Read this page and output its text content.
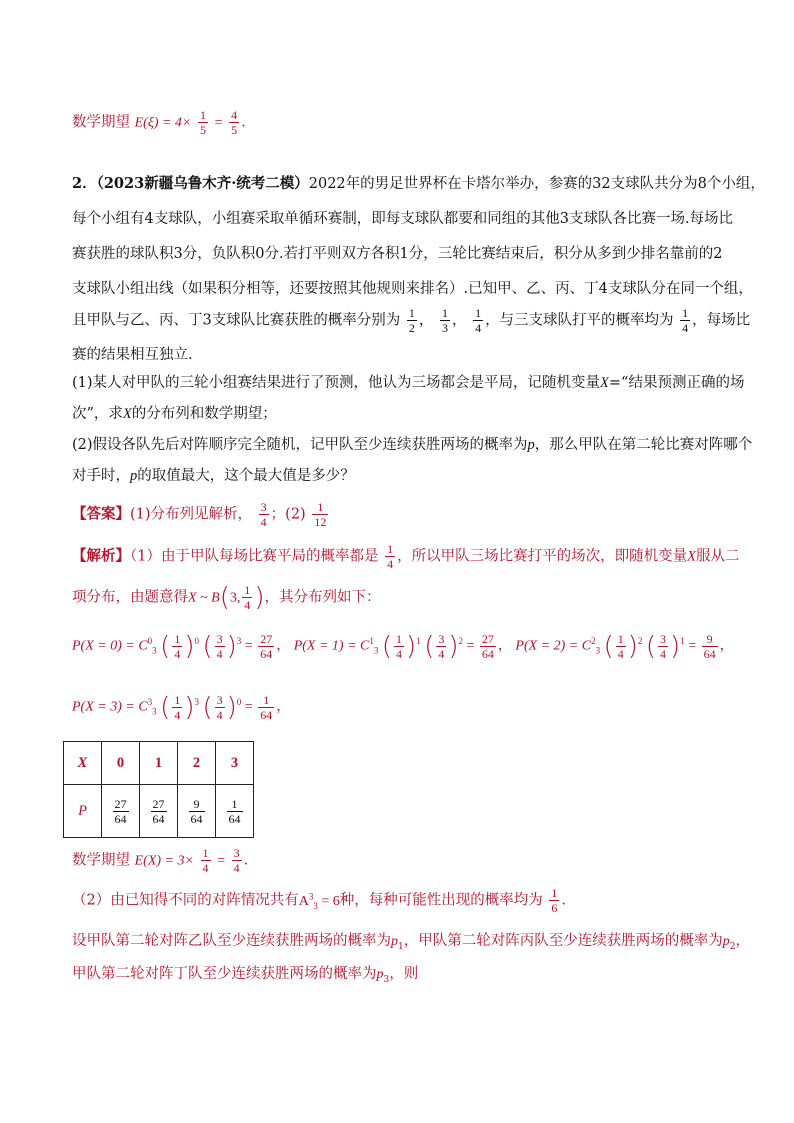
数学期望 $E(\xi) = 4\times \frac{1}{5} = \frac{4}{5}$ .
2．（2023新疆乌鲁木齐·统考二模）2022年的男足世界杯在卡塔尔举办，参赛的32支球队共分为8个小组，
每个小组有4支球队，小组赛采取单循环赛制，即每支球队都要和同组的其他3支球队各比赛一场.每场比
赛获胜的球队积3分，负队积0分.若打平则双方各积1分，三轮比赛结束后，积分从多到少排名靠前的2
支球队小组出线（如果积分相等，还要按照其他规则来排名）.已知甲、乙、丙、丁4支球队分在同一个组，
且甲队与乙、丙、丁3支球队比赛获胜的概率分别为 $\frac{1}{2}$ ， $\frac{1}{3}$ ， $\frac{1}{4}$ ，与三支球队打平的概率均为 $\frac{1}{4}$ ，每场比
赛的结果相互独立.
(1)某人对甲队的三轮小组赛结果进行了预测，他认为三场都会是平局，记随机变量X=“结果预测正确的场
次”，求X的分布列和数学期望；
(2)假设各队先后对阵顺序完全随机，记甲队至少连续获胜两场的概率为p，那么甲队在第二轮比赛对阵哪个
对手时，p的取值最大，这个最大值是多少？
【答案】(1)分布列见解析， $\frac{3}{4}$ ；$(2) \frac{1}{12}$
【解析】（1）由于甲队每场比赛平局的概率都是 $\frac{1}{4}$ ，所以甲队三场比赛打平的场次，即随机变量X服从二
项分布，由题意得X ~ B(3, $\frac{1}{4}$ )，其分布列如下：
$P(X = 0) = C^0_3$ ( $\frac{1}{4} )^0$ ( $\frac{3}{4} )^3 = \frac{27}{64}$ ， $P(X = 1) = C^1_3$ ( $\frac{1}{4} )^1$ ( $\frac{3}{4} )^2 = \frac{27}{64}$ ， $P(X = 2) = C^2_3$ ( $\frac{1}{4} )^2$ ( $\frac{3}{4} )^1 = \frac{9}{64}$ ，
$P(X = 3) = C^3_3$ ( $\frac{1}{4} )^3$ ( $\frac{3}{4} )^0 = \frac{1}{64}$ ，
X	0	1	2	3
P	$\frac{27}{64}$	$\frac{27}{64}$	$\frac{9}{64}$	$\frac{1}{64}$
数学期望 $E(X) = 3\times \frac{1}{4} = \frac{3}{4}$ .
（2）由已知得不同的对阵情况共有$A^3_3 = 6$种，每种可能性出现的概率均为 $\frac{1}{6}$ .
设甲队第二轮对阵乙队至少连续获胜两场的概率为$p_1$，甲队第二轮对阵丙队至少连续获胜两场的概率为$p_2$，
甲队第二轮对阵丁队至少连续获胜两场的概率为$p_3$，则
